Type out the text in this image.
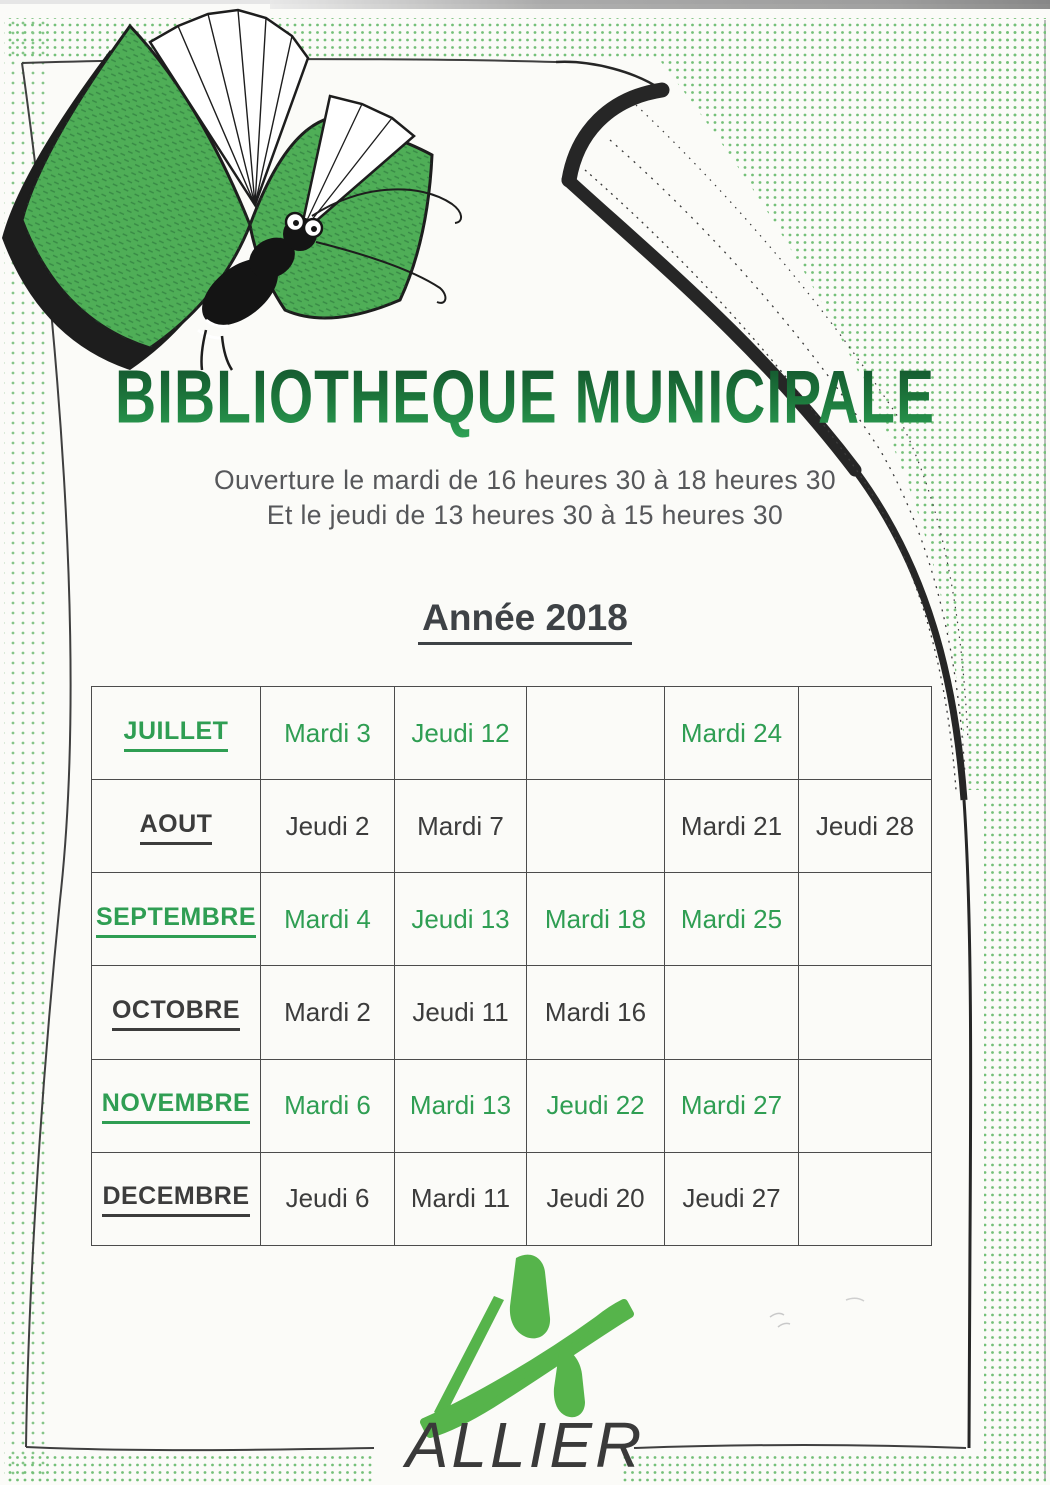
BIBLIOTHEQUE MUNICIPALE
Ouverture le mardi de 16 heures 30 à 18 heures 30
Et le jeudi de 13 heures 30 à 15 heures 30
Année 2018
JUILLET	Mardi 3	Jeudi 12		Mardi 24	
AOUT	Jeudi 2	Mardi 7		Mardi 21	Jeudi 28
SEPTEMBRE	Mardi 4	Jeudi 13	Mardi 18	Mardi 25	
OCTOBRE	Mardi 2	Jeudi 11	Mardi 16		
NOVEMBRE	Mardi 6	Mardi 13	Jeudi 22	Mardi 27	
DECEMBRE	Jeudi 6	Mardi 11	Jeudi 20	Jeudi 27	
ALLIER
